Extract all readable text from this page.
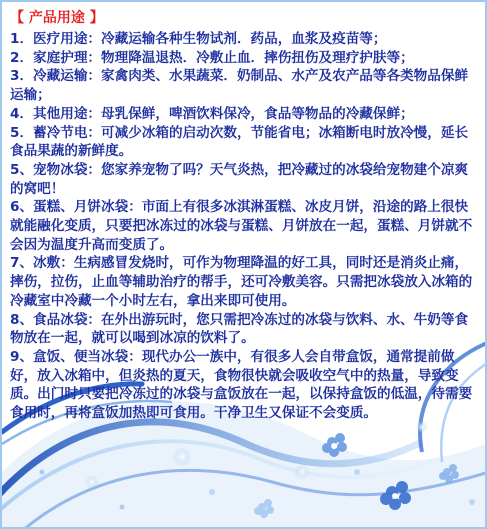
【 产品用途 】

1．医疗用途：冷藏运输各种生物试剂．药品，血浆及疫苗等；

2．家庭护理：物理降温退热．冷敷止血．摔伤扭伤及理疗护肤等；

3．冷藏运输：家禽肉类、水果蔬菜．奶制品、水产及农产品等各类物品保鲜运输；

4．其他用途：母乳保鲜，啤酒饮料保冷，食品等物品的冷藏保鲜；

5．蓄冷节电：可减少冰箱的启动次数，节能省电；冰箱断电时放冷慢，延长食品果蔬的新鲜度。

5、宠物冰袋：您家养宠物了吗？天气炎热，把冷藏过的冰袋给宠物建个凉爽的窝吧！

6、蛋糕、月饼冰袋：市面上有很多冰淇淋蛋糕、冰皮月饼，沿途的路上很快就能融化变质，只要把冰冻过的冰袋与蛋糕、月饼放在一起，蛋糕、月饼就不会因为温度升高而变质了。

7、冰敷：生病感冒发烧时，可作为物理降温的好工具，同时还是消炎止痛，摔伤，拉伤，止血等辅助治疗的帮手，还可冷敷美容。只需把冰袋放入冰箱的冷藏室中冷藏一个小时左右，拿出来即可使用。

8、食品冰袋：在外出游玩时，您只需把冷冻过的冰袋与饮料、水、牛奶等食物放在一起，就可以喝到冰凉的饮料了。

9、盒饭、便当冰袋：现代办公一族中，有很多人会自带盒饭，通常提前做好，放入冰箱中，但炎热的夏天，食物很快就会吸收空气中的热量，导致变质。出门时只要把冷冻过的冰袋与盒饭放在一起，以保持盒饭的低温，待需要食用时，再将盒饭加热即可食用。干净卫生又保证不会变质。
